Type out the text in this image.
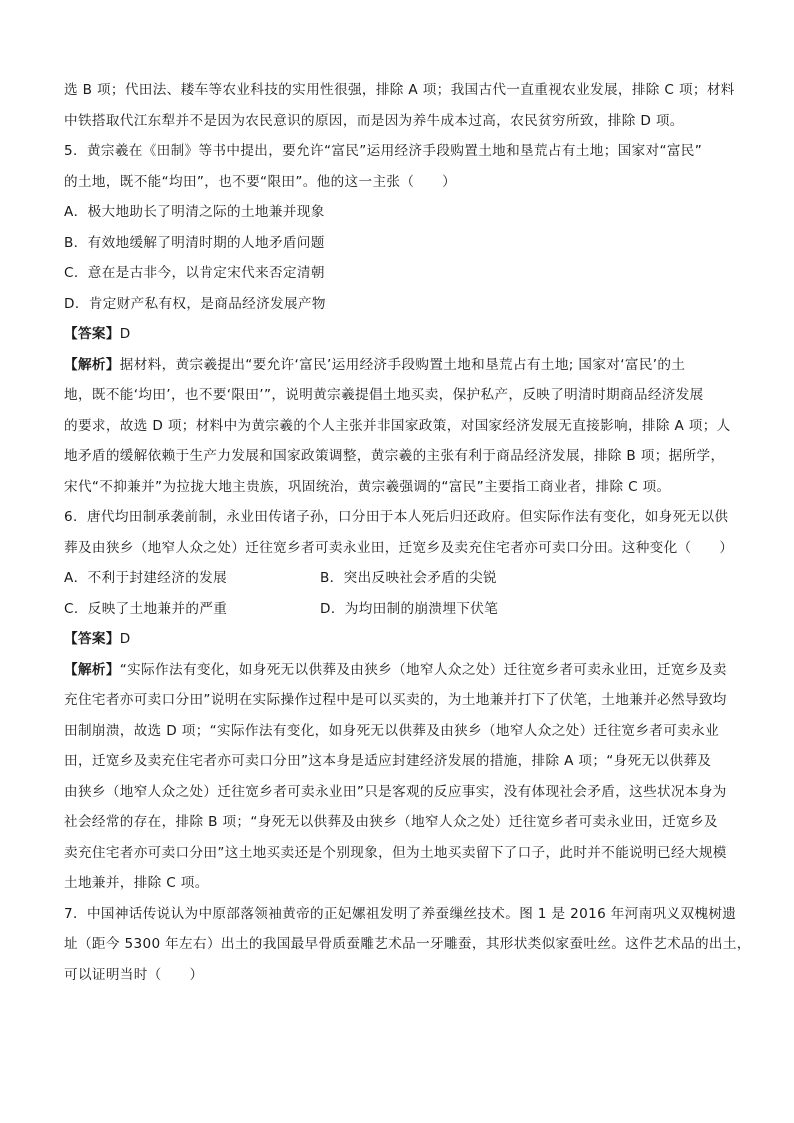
选 B 项；代田法、耧车等农业科技的实用性很强，排除 A 项；我国古代一直重视农业发展，排除 C 项；材料
中铁搭取代江东犁并不是因为农民意识的原因，而是因为养牛成本过高，农民贫穷所致，排除 D 项。
5．黄宗羲在《田制》等书中提出，要允许“富民”运用经济手段购置土地和垦荒占有土地；国家对“富民”
的土地，既不能“均田”，也不要“限田”。他的这一主张（　　）
A．极大地助长了明清之际的土地兼并现象
B．有效地缓解了明清时期的人地矛盾问题
C．意在是古非今，以肯定宋代来否定清朝
D．肯定财产私有权，是商品经济发展产物
【答案】D
【解析】据材料，黄宗羲提出“要允许‘富民’运用经济手段购置土地和垦荒占有土地; 国家对‘富民’的土
地，既不能‘均田’，也不要‘限田’”，说明黄宗羲提倡土地买卖，保护私产，反映了明清时期商品经济发展
的要求，故选 D 项；材料中为黄宗羲的个人主张并非国家政策，对国家经济发展无直接影响，排除 A 项；人
地矛盾的缓解依赖于生产力发展和国家政策调整，黄宗羲的主张有利于商品经济发展，排除 B 项；据所学，
宋代“不抑兼并”为拉拢大地主贵族，巩固统治，黄宗羲强调的“富民”主要指工商业者，排除 C 项。
6．唐代均田制承袭前制，永业田传诸子孙，口分田于本人死后归还政府。但实际作法有变化，如身死无以供
葬及由狭乡（地窄人众之处）迁往宽乡者可卖永业田，迁宽乡及卖充住宅者亦可卖口分田。这种变化（　　）
A．不利于封建经济的发展	B．突出反映社会矛盾的尖锐
C．反映了土地兼并的严重	D．为均田制的崩溃埋下伏笔
【答案】D
【解析】“实际作法有变化，如身死无以供葬及由狭乡（地窄人众之处）迁往宽乡者可卖永业田，迁宽乡及卖
充住宅者亦可卖口分田”说明在实际操作过程中是可以买卖的，为土地兼并打下了伏笔，土地兼并必然导致均
田制崩溃，故选 D 项；“实际作法有变化，如身死无以供葬及由狭乡（地窄人众之处）迁往宽乡者可卖永业
田，迁宽乡及卖充住宅者亦可卖口分田”这本身是适应封建经济发展的措施，排除 A 项；“身死无以供葬及
由狭乡（地窄人众之处）迁往宽乡者可卖永业田”只是客观的反应事实，没有体现社会矛盾，这些状况本身为
社会经常的存在，排除 B 项；“身死无以供葬及由狭乡（地窄人众之处）迁往宽乡者可卖永业田，迁宽乡及
卖充住宅者亦可卖口分田”这土地买卖还是个别现象，但为土地买卖留下了口子，此时并不能说明已经大规模
土地兼并，排除 C 项。
7．中国神话传说认为中原部落领袖黄帝的正妃嫘祖发明了养蚕缫丝技术。图 1 是 2016 年河南巩义双槐树遗
址（距今 5300 年左右）出土的我国最早骨质蚕雕艺术品一牙雕蚕，其形状类似家蚕吐丝。这件艺术品的出土，
可以证明当时（　　）
